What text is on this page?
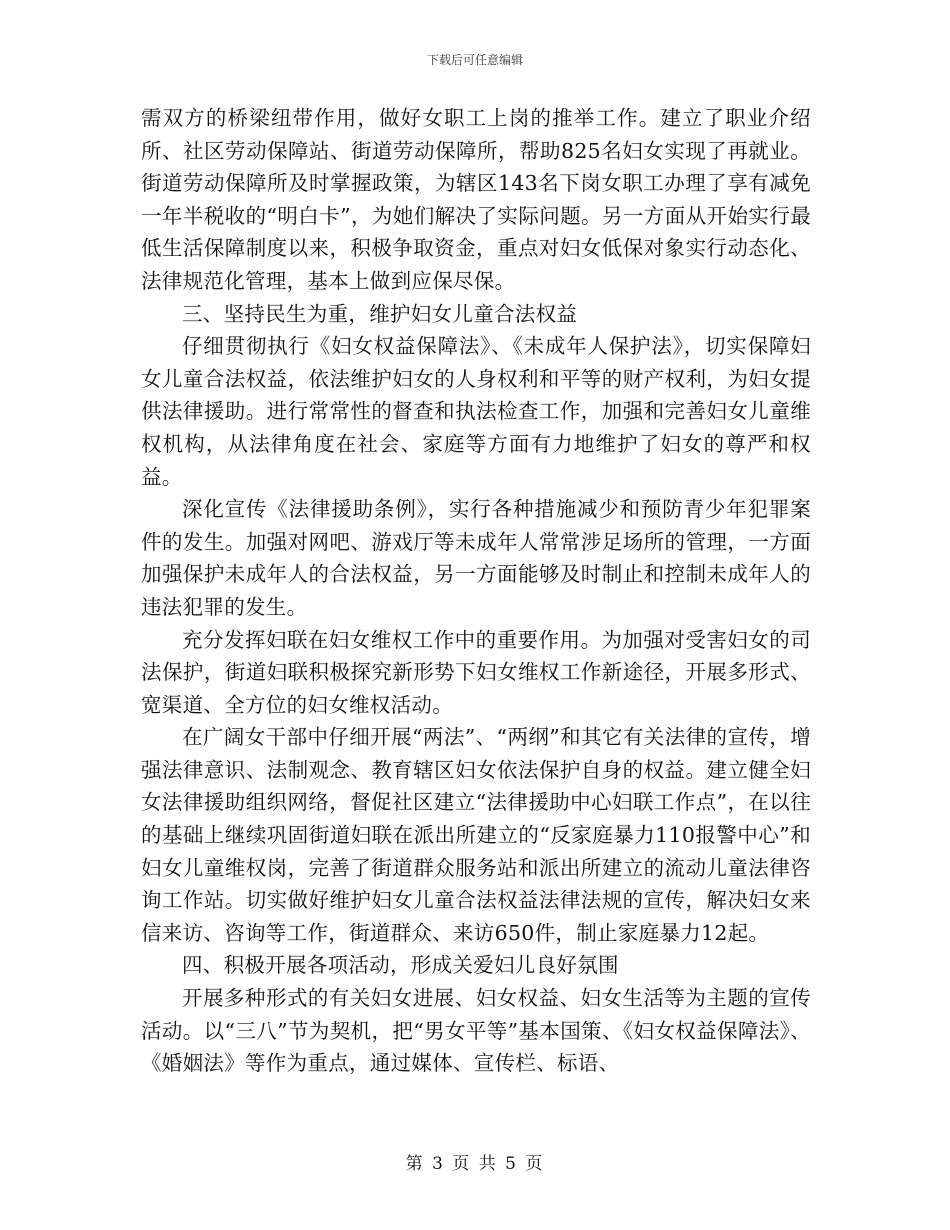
下载后可任意编辑

需双方的桥梁纽带作用，做好女职工上岗的推举工作。建立了职业介绍所、社区劳动保障站、街道劳动保障所，帮助825名妇女实现了再就业。街道劳动保障所及时掌握政策，为辖区143名下岗女职工办理了享有减免一年半税收的“明白卡”，为她们解决了实际问题。另一方面从开始实行最低生活保障制度以来，积极争取资金，重点对妇女低保对象实行动态化、法律规范化管理，基本上做到应保尽保。

三、坚持民生为重，维护妇女儿童合法权益

仔细贯彻执行《妇女权益保障法》、《未成年人保护法》，切实保障妇女儿童合法权益，依法维护妇女的人身权利和平等的财产权利，为妇女提供法律援助。进行常常性的督查和执法检查工作，加强和完善妇女儿童维权机构，从法律角度在社会、家庭等方面有力地维护了妇女的尊严和权益。

深化宣传《法律援助条例》，实行各种措施减少和预防青少年犯罪案件的发生。加强对网吧、游戏厅等未成年人常常涉足场所的管理，一方面加强保护未成年人的合法权益，另一方面能够及时制止和控制未成年人的违法犯罪的发生。

充分发挥妇联在妇女维权工作中的重要作用。为加强对受害妇女的司法保护，街道妇联积极探究新形势下妇女维权工作新途径，开展多形式、宽渠道、全方位的妇女维权活动。

在广阔女干部中仔细开展“两法”、“两纲”和其它有关法律的宣传，增强法律意识、法制观念、教育辖区妇女依法保护自身的权益。建立健全妇女法律援助组织网络，督促社区建立“法律援助中心妇联工作点”，在以往的基础上继续巩固街道妇联在派出所建立的“反家庭暴力110报警中心”和妇女儿童维权岗，完善了街道群众服务站和派出所建立的流动儿童法律咨询工作站。切实做好维护妇女儿童合法权益法律法规的宣传，解决妇女来信来访、咨询等工作，街道群众、来访650件，制止家庭暴力12起。

四、积极开展各项活动，形成关爱妇儿良好氛围

开展多种形式的有关妇女进展、妇女权益、妇女生活等为主题的宣传活动。以“三八”节为契机，把“男女平等”基本国策、《妇女权益保障法》、《婚姻法》等作为重点，通过媒体、宣传栏、标语、

第 3 页 共 5 页
